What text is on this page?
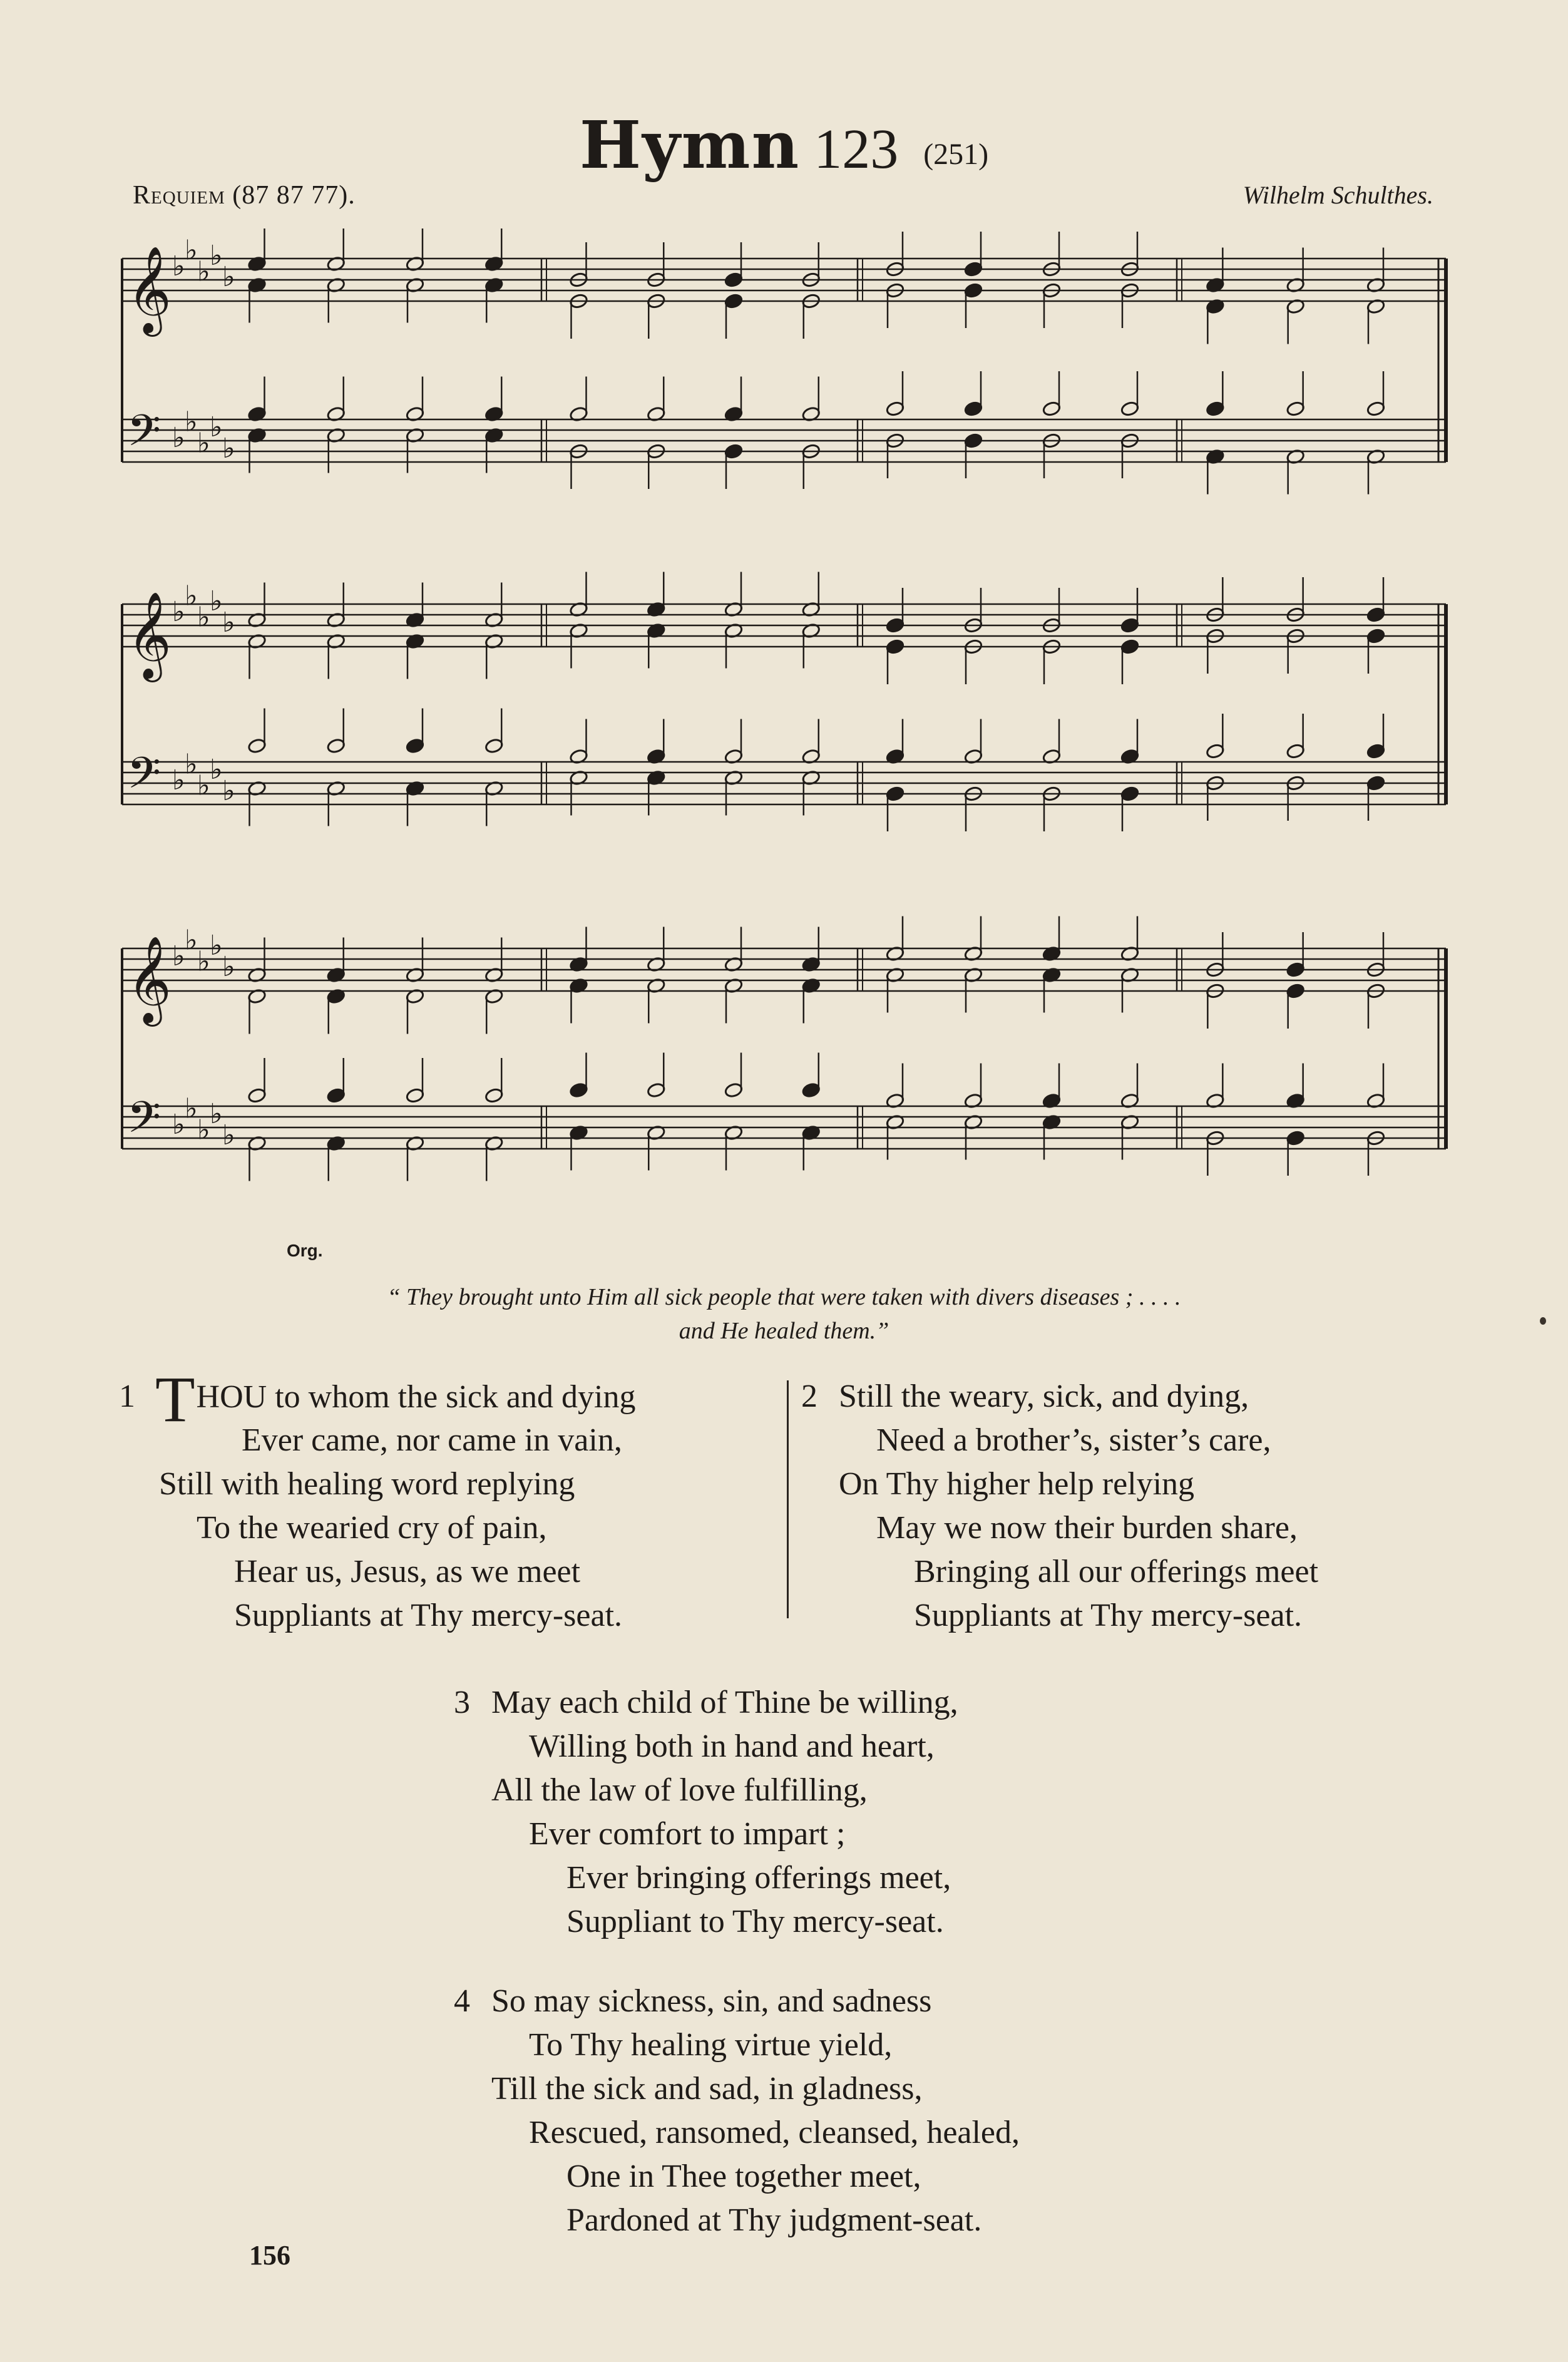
Hymn 123 (251)
Requiem (87 87 77).	Wilhelm Schulthes.
𝄞
𝄢
♭ ♭
♭ ♭
♭
♭ ♭
♭ ♭
♭
𝄞
𝄢
♭ ♭
♭ ♭
♭
♭ ♭
♭ ♭
♭
𝄞
𝄢
♭ ♭
♭ ♭
♭
♭ ♭
♭ ♭
♭
Org.
“ They brought unto Him all sick people that were taken with divers diseases ; . . . .
and He healed them.”
1 THOU to whom the sick and dying
Ever came, nor came in vain,
Still with healing word replying
To the wearied cry of pain,
Hear us, Jesus, as we meet
Suppliants at Thy mercy-seat.
2 Still the weary, sick, and dying,
Need a brother’s, sister’s care,
On Thy higher help relying
May we now their burden share,
Bringing all our offerings meet
Suppliants at Thy mercy-seat.
3 May each child of Thine be willing,
Willing both in hand and heart,
All the law of love fulfilling,
Ever comfort to impart ;
Ever bringing offerings meet,
Suppliant to Thy mercy-seat.
4 So may sickness, sin, and sadness
To Thy healing virtue yield,
Till the sick and sad, in gladness,
Rescued, ransomed, cleansed, healed,
One in Thee together meet,
Pardoned at Thy judgment-seat.
156
